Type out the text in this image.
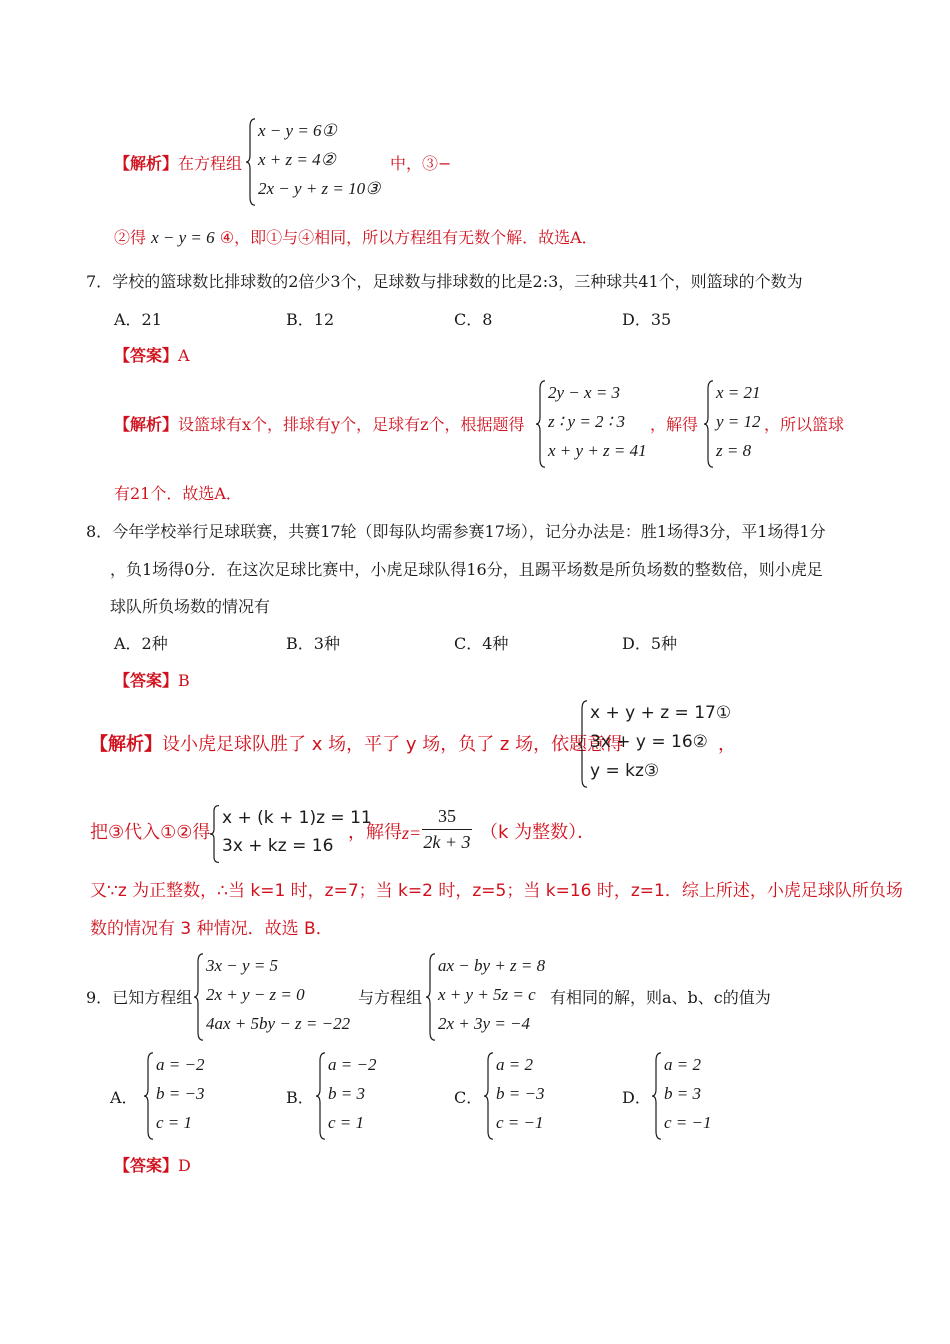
【解析】在方程组
x − y = 6①
x + z = 4②
2x − y + z = 10③
中，③−
②得 x − y = 6 ④，即①与④相同，所以方程组有无数个解．故选A．
7．学校的篮球数比排球数的2倍少3个，足球数与排球数的比是2:3，三种球共41个，则篮球的个数为
A．21	B．12	C．8	D．35
【答案】A
【解析】设篮球有x个，排球有y个，足球有z个，根据题得
2y − x = 3
z ∶ y = 2 ∶ 3
x + y + z = 41
，解得
x = 21
y = 12
z = 8
，所以篮球
有21个．故选A．
8．今年学校举行足球联赛，共赛17轮（即每队均需参赛17场），记分办法是：胜1场得3分，平1场得1分
，负1场得0分．在这次足球比赛中，小虎足球队得16分，且踢平场数是所负场数的整数倍，则小虎足
球队所负场数的情况有
A．2种	B．3种	C．4种	D．5种
【答案】B
【解析】设小虎足球队胜了 x 场，平了 y 场，负了 z 场，依题意得
x + y + z = 17①
3x + y = 16②
y = kz③
，
把③代入①②得
x + (k + 1)z = 11
3x + kz = 16
，解得 z=
35
2k + 3 （k 为整数）．
又∵z 为正整数，∴当 k=1 时，z=7；当 k=2 时，z=5；当 k=16 时，z=1．综上所述，小虎足球队所负场
数的情况有 3 种情况．故选 B．
9．已知方程组
3x − y = 5
2x + y − z = 0
4ax + 5by − z = −22
与方程组
ax − by + z = 8
x + y + 5z = c
2x + 3y = −4
有相同的解，则a、b、c的值为
A．
a = −2
b = −3
c = 1
B．
a = −2
b = 3
c = 1
C．
a = 2
b = −3
c = −1
D．
a = 2
b = 3
c = −1
【答案】D
